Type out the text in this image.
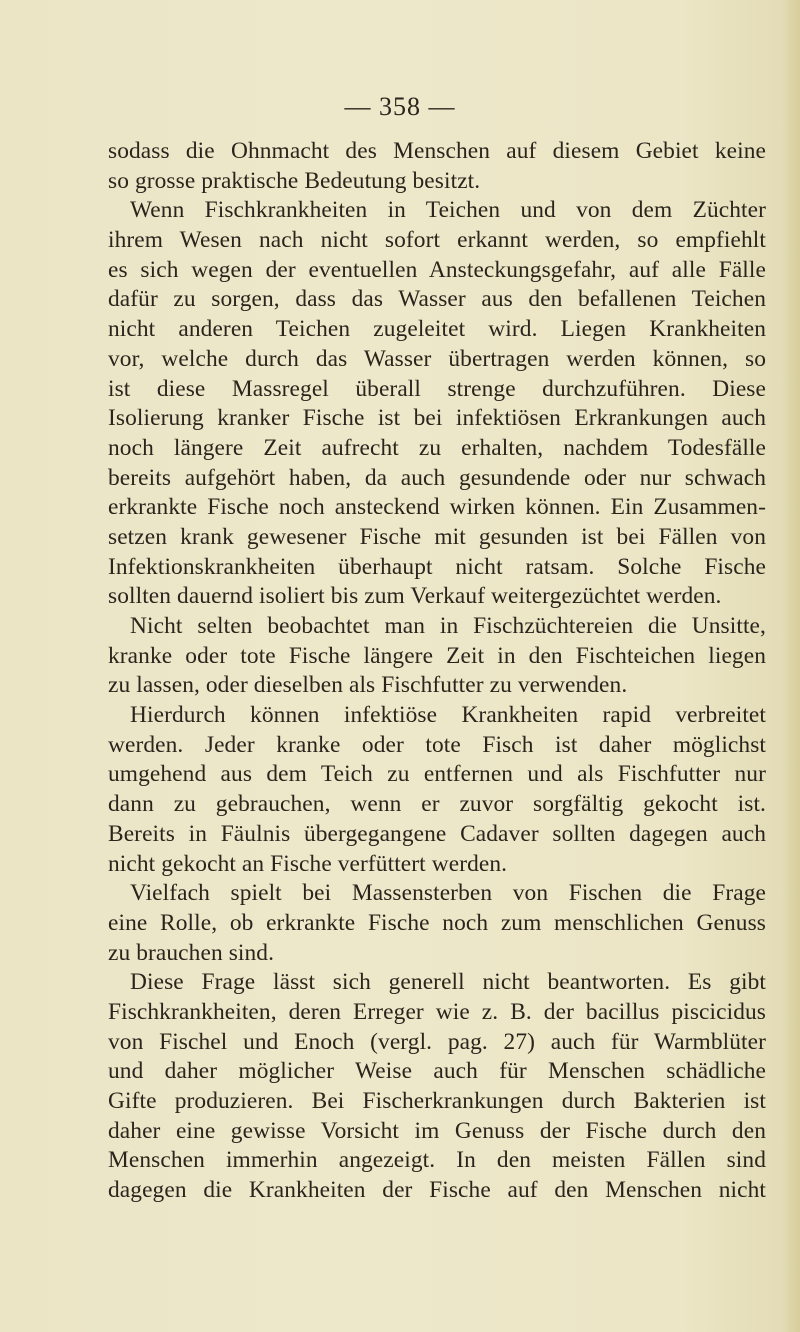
— 358 —
sodass die Ohnmacht des Menschen auf diesem Gebiet keine
so grosse praktische Bedeutung besitzt.
Wenn Fischkrankheiten in Teichen und von dem Züchter
ihrem Wesen nach nicht sofort erkannt werden, so empfiehlt
es sich wegen der eventuellen Ansteckungsgefahr, auf alle Fälle
dafür zu sorgen, dass das Wasser aus den befallenen Teichen
nicht anderen Teichen zugeleitet wird. Liegen Krankheiten
vor, welche durch das Wasser übertragen werden können, so
ist diese Massregel überall strenge durchzuführen. Diese
Isolierung kranker Fische ist bei infektiösen Erkrankungen auch
noch längere Zeit aufrecht zu erhalten, nachdem Todesfälle
bereits aufgehört haben, da auch gesundende oder nur schwach
erkrankte Fische noch ansteckend wirken können. Ein Zusammen-
setzen krank gewesener Fische mit gesunden ist bei Fällen von
Infektionskrankheiten überhaupt nicht ratsam. Solche Fische
sollten dauernd isoliert bis zum Verkauf weitergezüchtet werden.
Nicht selten beobachtet man in Fischzüchtereien die Unsitte,
kranke oder tote Fische längere Zeit in den Fischteichen liegen
zu lassen, oder dieselben als Fischfutter zu verwenden.
Hierdurch können infektiöse Krankheiten rapid verbreitet
werden. Jeder kranke oder tote Fisch ist daher möglichst
umgehend aus dem Teich zu entfernen und als Fischfutter nur
dann zu gebrauchen, wenn er zuvor sorgfältig gekocht ist.
Bereits in Fäulnis übergegangene Cadaver sollten dagegen auch
nicht gekocht an Fische verfüttert werden.
Vielfach spielt bei Massensterben von Fischen die Frage
eine Rolle, ob erkrankte Fische noch zum menschlichen Genuss
zu brauchen sind.
Diese Frage lässt sich generell nicht beantworten. Es gibt
Fischkrankheiten, deren Erreger wie z. B. der bacillus piscicidus
von Fischel und Enoch (vergl. pag. 27) auch für Warmblüter
und daher möglicher Weise auch für Menschen schädliche
Gifte produzieren. Bei Fischerkrankungen durch Bakterien ist
daher eine gewisse Vorsicht im Genuss der Fische durch den
Menschen immerhin angezeigt. In den meisten Fällen sind
dagegen die Krankheiten der Fische auf den Menschen nicht
